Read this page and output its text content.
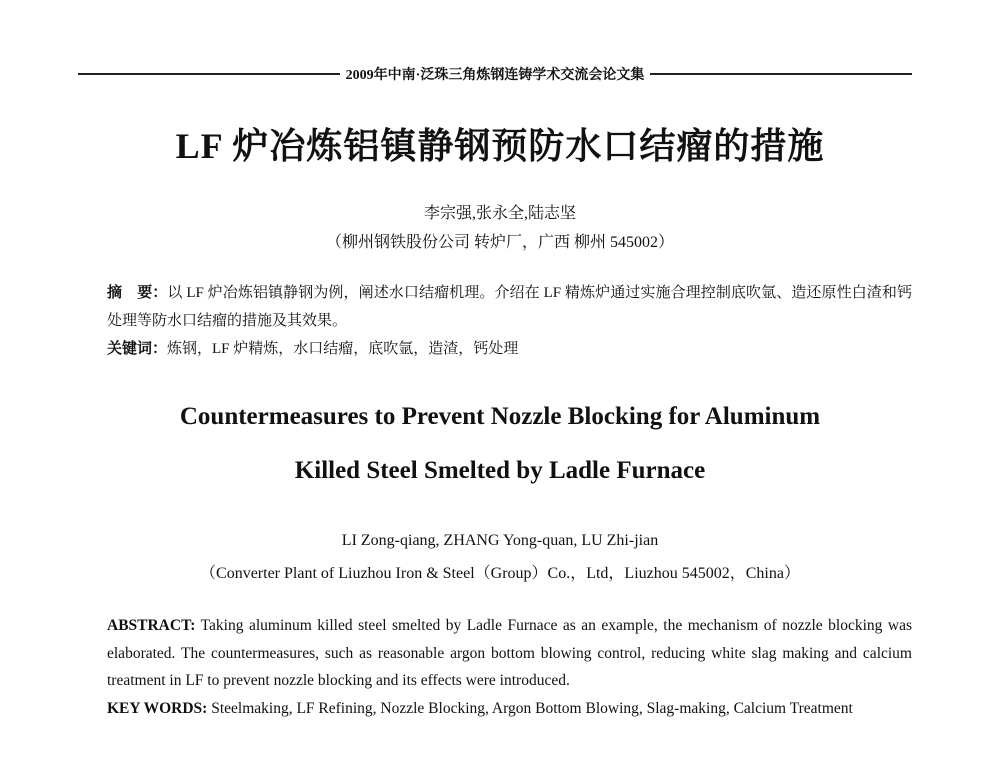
2009年中南·泛珠三角炼钢连铸学术交流会论文集
LF 炉冶炼铝镇静钢预防水口结瘤的措施
李宗强,张永全,陆志坚
（柳州钢铁股份公司 转炉厂，广西 柳州 545002）

摘　要：以 LF 炉冶炼铝镇静钢为例，阐述水口结瘤机理。介绍在 LF 精炼炉通过实施合理控制底吹氩、造还原性白渣和钙处理等防水口结瘤的措施及其效果。

关键词：炼钢，LF 炉精炼，水口结瘤，底吹氩，造渣，钙处理

Countermeasures to Prevent Nozzle Blocking for Aluminum
Killed Steel Smelted by Ladle Furnace
LI Zong-qiang, ZHANG Yong-quan, LU Zhi-jian
（Converter Plant of Liuzhou Iron & Steel（Group）Co.，Ltd，Liuzhou 545002，China）

ABSTRACT: Taking aluminum killed steel smelted by Ladle Furnace as an example, the mechanism of nozzle blocking was elaborated. The countermeasures, such as reasonable argon bottom blowing control, reducing white slag making and calcium treatment in LF to prevent nozzle blocking and its effects were introduced.

KEY WORDS: Steelmaking, LF Refining, Nozzle Blocking, Argon Bottom Blowing, Slag-making, Calcium Treatment
